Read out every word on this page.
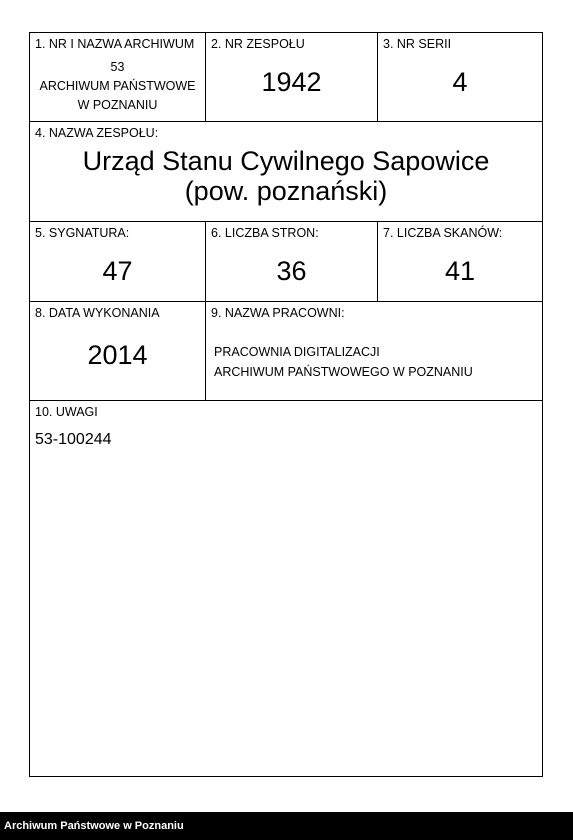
1. NR I NAZWA ARCHIWUM
53
ARCHIWUM PAŃSTWOWE
W POZNANIU
2. NR ZESPOŁU
1942
3. NR SERII
4
4. NAZWA ZESPOŁU:
Urząd Stanu Cywilnego Sapowice
(pow. poznański)
5. SYGNATURA:
47
6. LICZBA STRON:
36
7. LICZBA SKANÓW:
41
8. DATA WYKONANIA
2014
9. NAZWA PRACOWNI:
PRACOWNIA DIGITALIZACJI
ARCHIWUM PAŃSTWOWEGO W POZNANIU
10. UWAGI
53-100244
Archiwum Państwowe w Poznaniu
